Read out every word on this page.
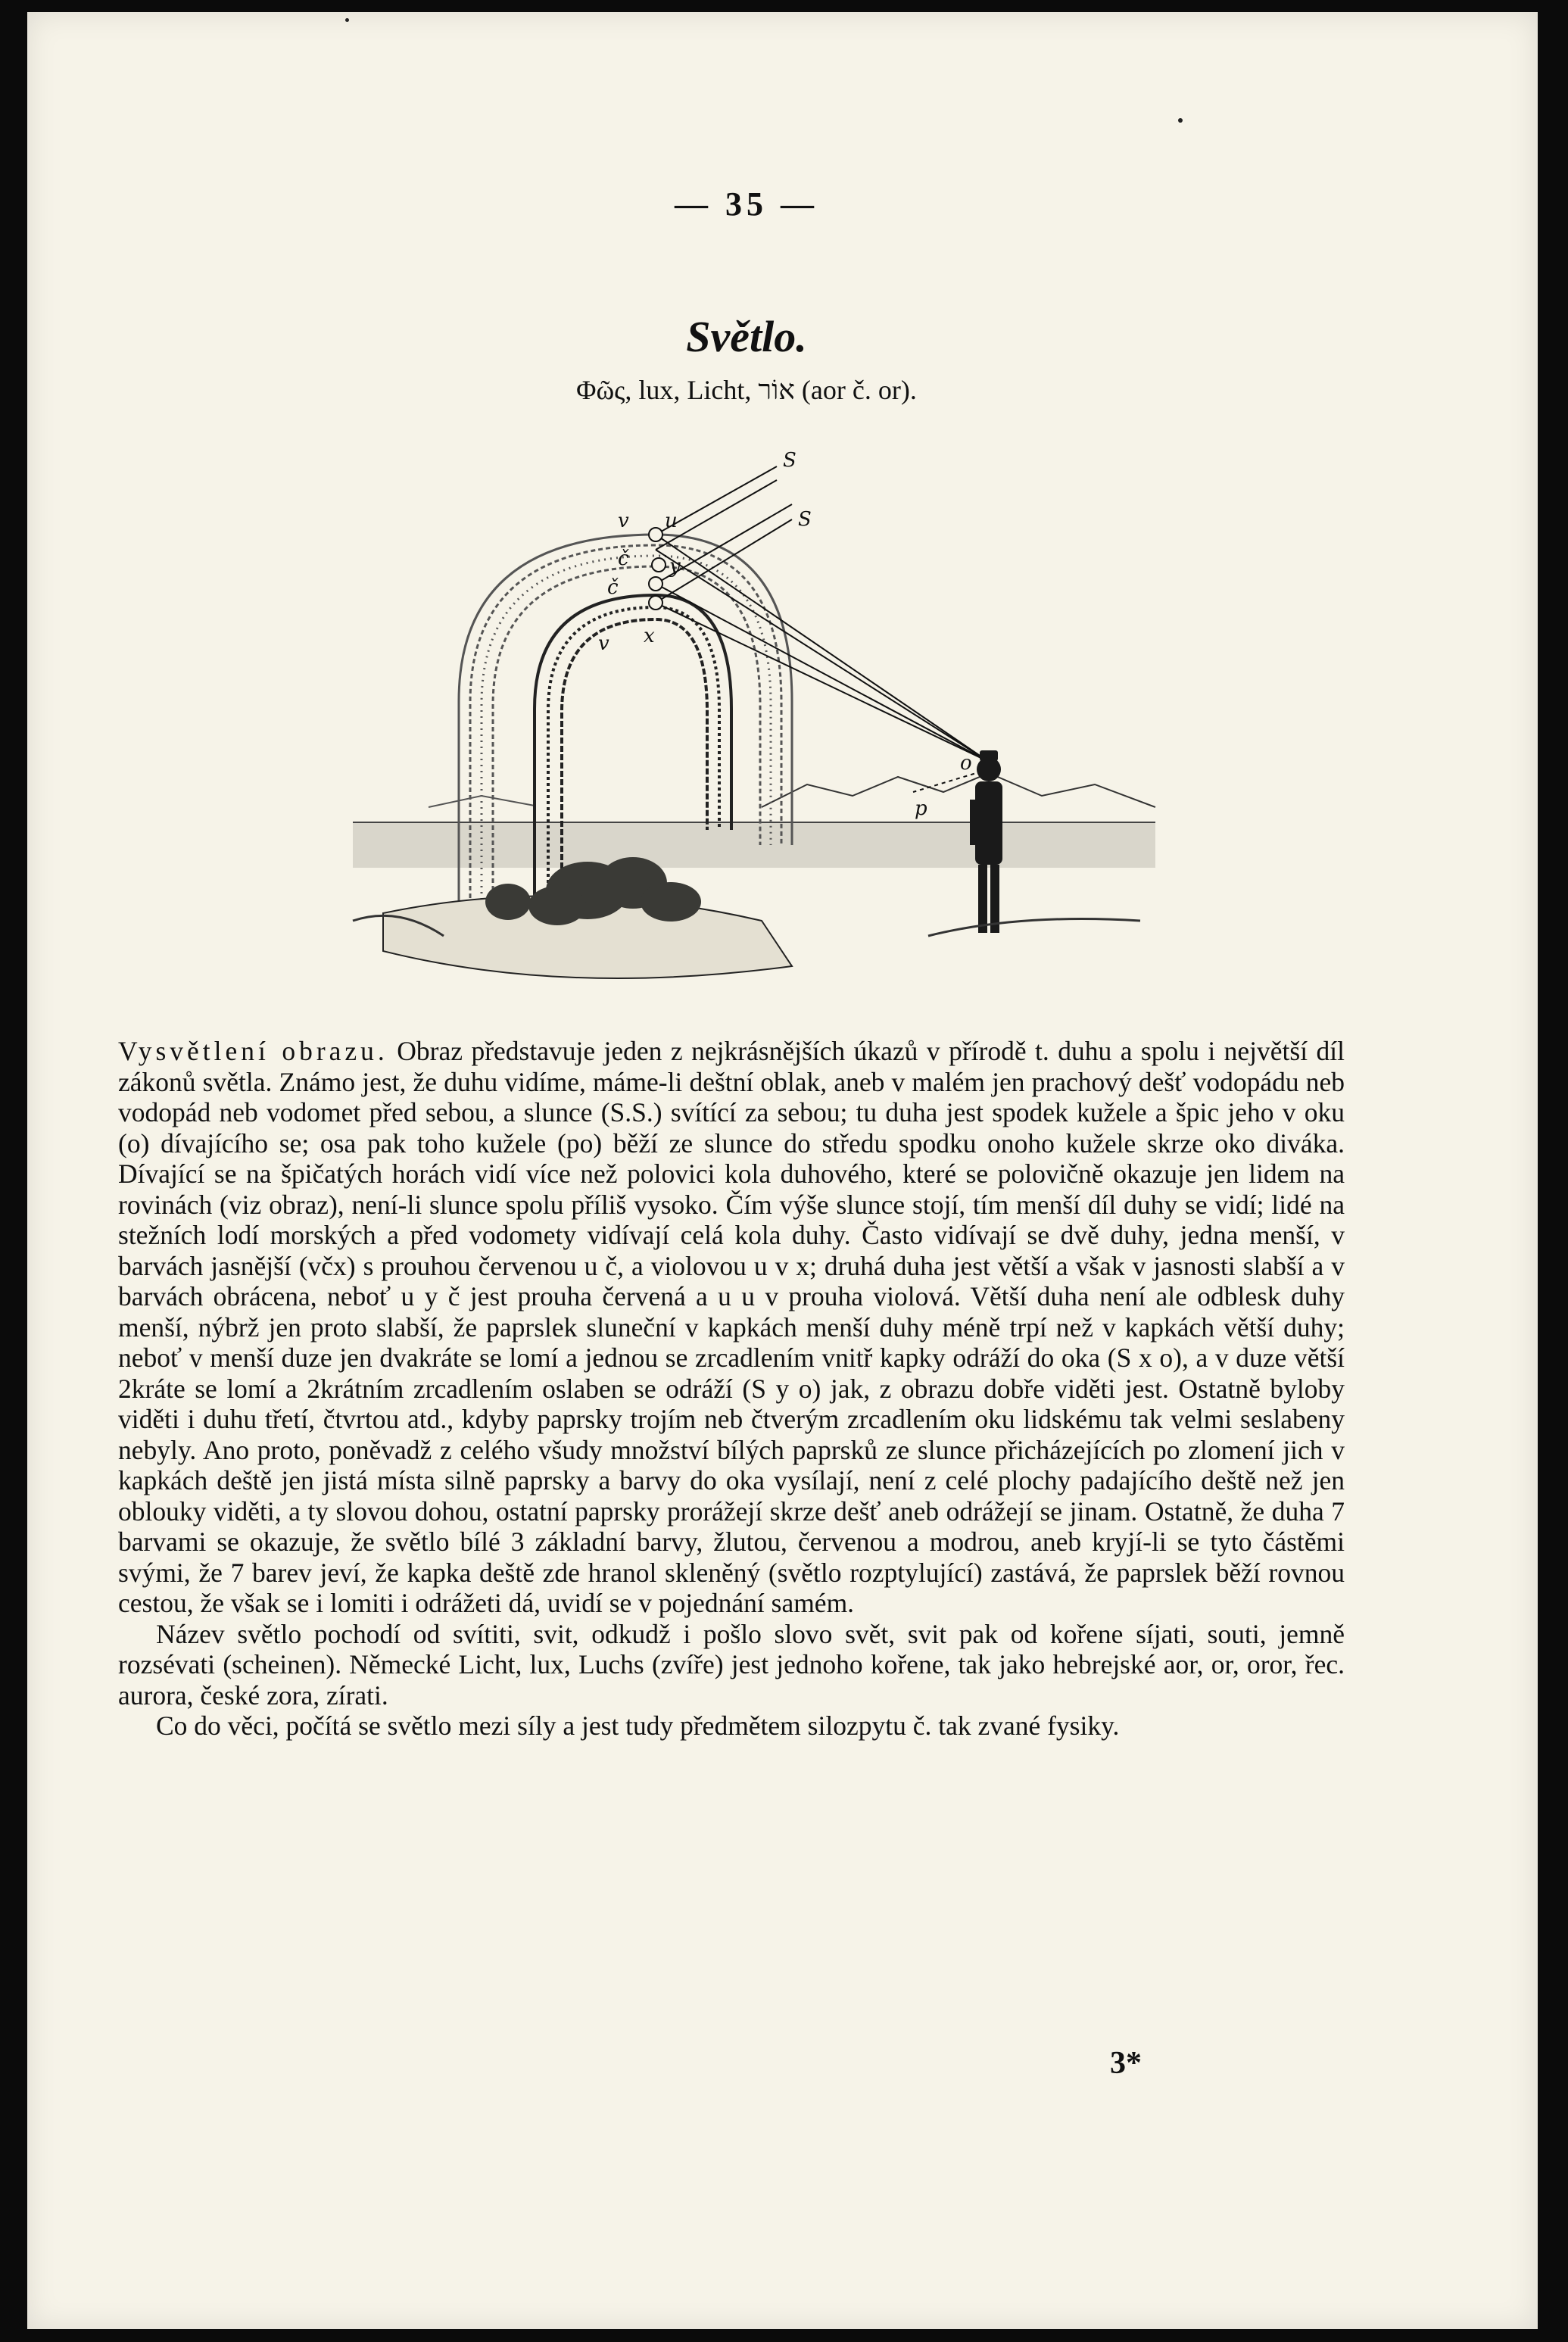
— 35 —
Světlo.
Φῶς, lux, Licht, אוֹר (aor č. or).
v u
S
S
č y
č
x
v
o
p

Vysvětlení obrazu. Obraz představuje jeden z nejkrásnějších úkazů v přírodě t. duhu a spolu i největší díl zákonů světla. Známo jest, že duhu vidíme, máme-li deštní oblak, aneb v malém jen prachový dešť vodopádu neb vodopád neb vodomet před sebou, a slunce (S.S.) svítící za sebou; tu duha jest spodek kužele a špic jeho v oku (o) dívajícího se; osa pak toho kužele (po) běží ze slunce do středu spodku onoho kužele skrze oko diváka. Dívající se na špičatých horách vidí více než polovici kola duhového, které se polovičně okazuje jen lidem na rovinách (viz obraz), není-li slunce spolu příliš vysoko. Čím výše slunce stojí, tím menší díl duhy se vidí; lidé na stežních lodí morských a před vodomety vidívají celá kola duhy. Často vidívají se dvě duhy, jedna menší, v barvách jasnější (včx) s prouhou červenou u č, a violovou u v x; druhá duha jest větší a však v jasnosti slabší a v barvách obrácena, neboť u y č jest prouha červená a u u v prouha violová. Větší duha není ale odblesk duhy menší, nýbrž jen proto slabší, že paprslek sluneční v kapkách menší duhy méně trpí než v kapkách větší duhy; neboť v menší duze jen dvakráte se lomí a jednou se zrcadlením vnitř kapky odráží do oka (S x o), a v duze větší 2kráte se lomí a 2krátním zrcadlením oslaben se odráží (S y o) jak, z obrazu dobře viděti jest. Ostatně byloby viděti i duhu třetí, čtvrtou atd., kdyby paprsky trojím neb čtverým zrcadlením oku lidskému tak velmi seslabeny nebyly. Ano proto, poněvadž z celého všudy množství bílých paprsků ze slunce přicházejících po zlomení jich v kapkách deště jen jistá místa silně paprsky a barvy do oka vysílají, není z celé plochy padajícího deště než jen oblouky viděti, a ty slovou dohou, ostatní paprsky prorážejí skrze dešť aneb odrážejí se jinam. Ostatně, že duha 7 barvami se okazuje, že světlo bílé 3 základní barvy, žlutou, červenou a modrou, aneb kryjí-li se tyto částěmi svými, že 7 barev jeví, že kapka deště zde hranol skleněný (světlo rozptylující) zastává, že paprslek běží rovnou cestou, že však se i lomiti i odrážeti dá, uvidí se v pojednání samém.

Název světlo pochodí od svítiti, svit, odkudž i pošlo slovo svět, svit pak od kořene síjati, souti, jemně rozsévati (scheinen). Německé Licht, lux, Luchs (zvíře) jest jednoho kořene, tak jako hebrejské aor, or, oror, řec. aurora, české zora, zírati.

Co do věci, počítá se světlo mezi síly a jest tudy předmětem silozpytu č. tak zvané fysiky.

3*
